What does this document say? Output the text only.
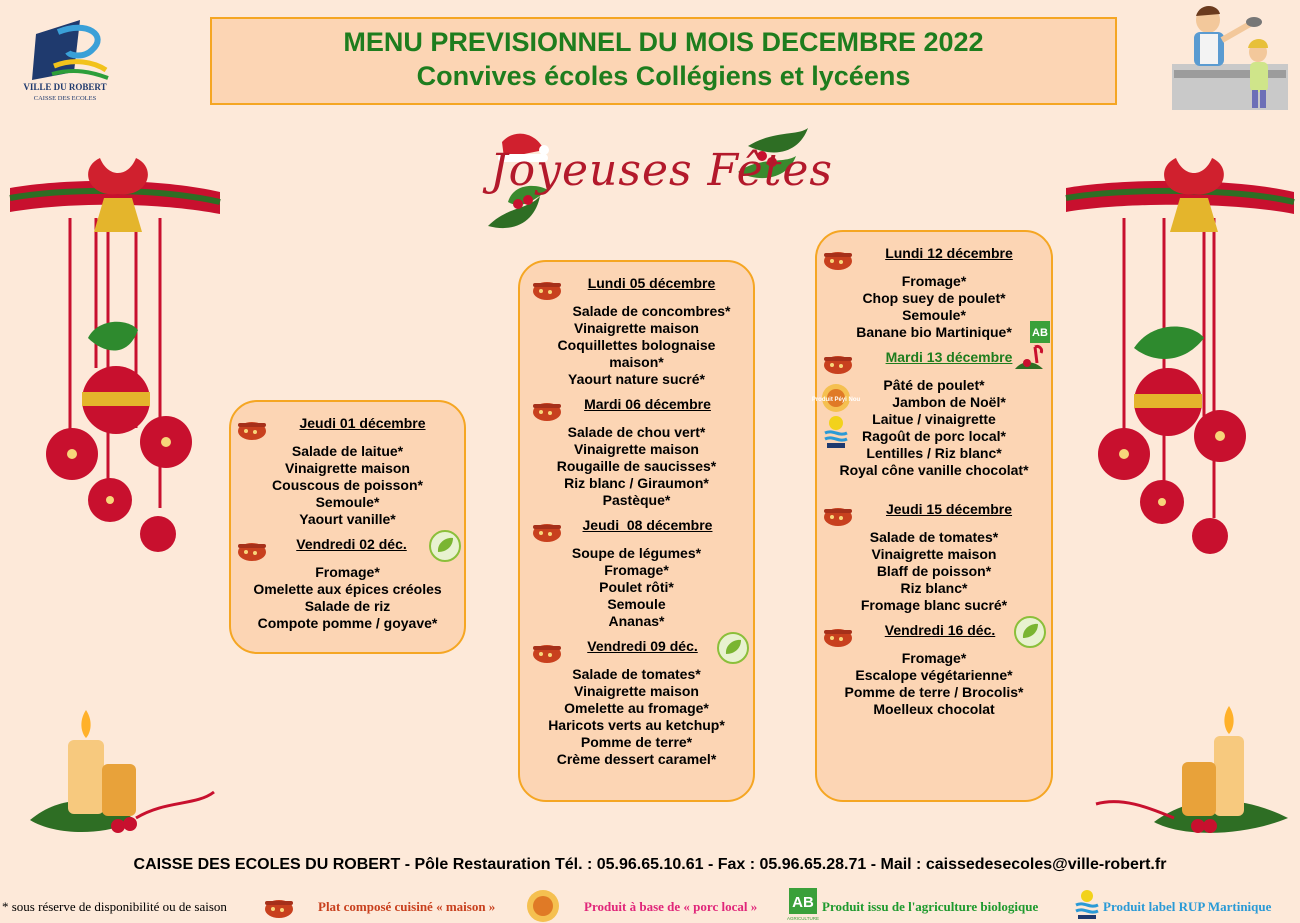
MENU PREVISIONNEL DU MOIS DECEMBRE 2022
Convives écoles Collégiens et lycéens
VILLE DU ROBERT
CAISSE DES ECOLES
Joyeuses Fêtes
Jeudi 01 décembre
Salade de laitue*
Vinaigrette maison
Couscous de poisson*
Semoule*
Yaourt vanille*
Vendredi 02 déc.
Fromage*
Omelette aux épices créoles
Salade de riz
Compote pomme / goyave*
Lundi 05 décembre
Salade de concombres*
Vinaigrette maison
Coquillettes bolognaise
maison*
Yaourt nature sucré*
Mardi 06 décembre
Salade de chou vert*
Vinaigrette maison
Rougaille de saucisses*
Riz blanc / Giraumon*
Pastèque*
Jeudi  08 décembre
Soupe de légumes*
Fromage*
Poulet rôti*
Semoule
Ananas*
Vendredi 09 déc.
Salade de tomates*
Vinaigrette maison
Omelette au fromage*
Haricots verts au ketchup*
Pomme de terre*
Crème dessert caramel*
Lundi 12 décembre
Fromage*
Chop suey de poulet*
Semoule*
Banane bio Martinique*	AB
Mardi 13 décembre
Produit Péyi Nou
Pâté de poulet*
Jambon de Noël*
Laitue / vinaigrette
Ragoût de porc local*
Lentilles / Riz blanc*
Royal cône vanille chocolat*
Jeudi 15 décembre
Salade de tomates*
Vinaigrette maison
Blaff de poisson*
Riz blanc*
Fromage blanc sucré*
Vendredi 16 déc.
Fromage*
Escalope végétarienne*
Pomme de terre / Brocolis*
Moelleux chocolat
CAISSE DES ECOLES DU ROBERT - Pôle Restauration Tél. : 05.96.65.10.61 - Fax : 05.96.65.28.71 - Mail : caissedesecoles@ville-robert.fr
* sous réserve de disponibilité ou de saison	Plat composé cuisiné « maison »	Produit à base de « porc local » AB
AGRICULTURE
Produit issu de l'agriculture biologique	Produit label RUP Martinique
